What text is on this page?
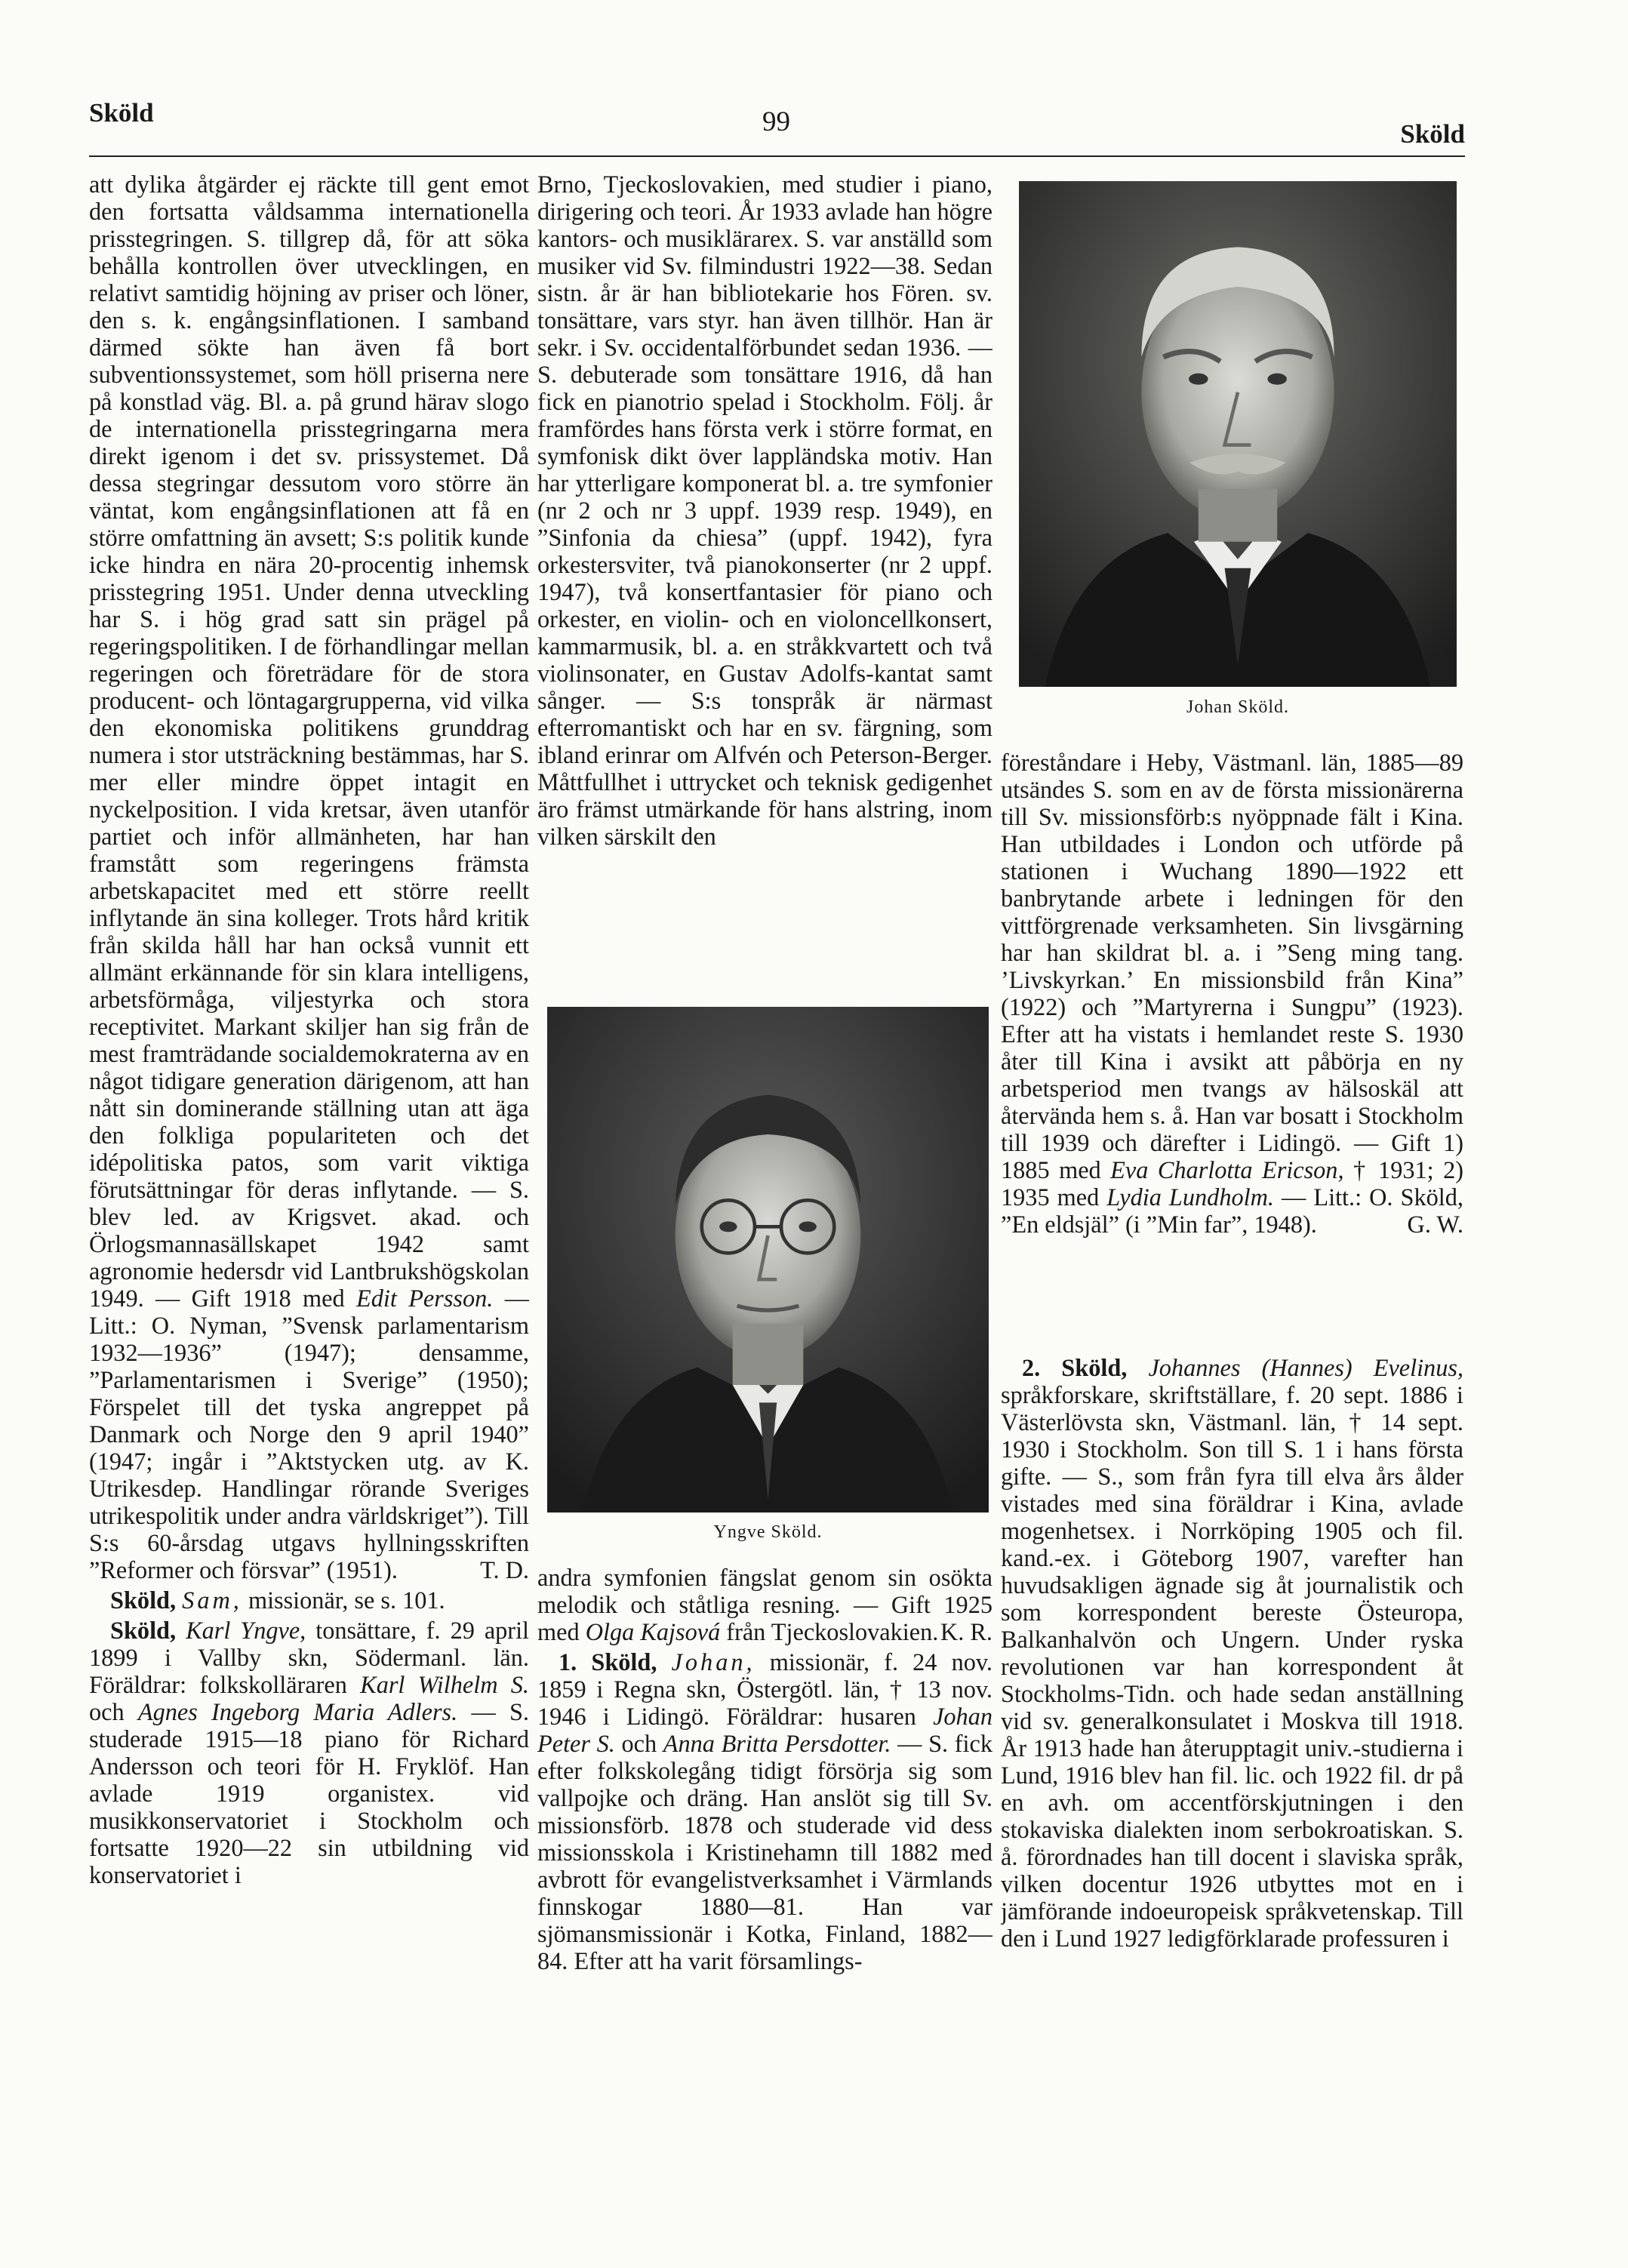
Sköld	99	Sköld

att dylika åtgärder ej räckte till gent emot den fortsatta våldsamma internationella prisstegringen. S. tillgrep då, för att söka behålla kontrollen över utvecklingen, en relativt samtidig höjning av priser och löner, den s. k. engångsinflationen. I samband därmed sökte han även få bort subventionssystemet, som höll priserna nere på konstlad väg. Bl. a. på grund härav slogo de internationella prisstegringarna mera direkt igenom i det sv. prissystemet. Då dessa stegringar dessutom voro större än väntat, kom engångsinflationen att få en större omfattning än avsett; S:s politik kunde icke hindra en nära 20-procentig inhemsk prisstegring 1951. Under denna utveckling har S. i hög grad satt sin prägel på regeringspolitiken. I de förhandlingar mellan regeringen och företrädare för de stora producent- och löntagargrupperna, vid vilka den ekonomiska politikens grunddrag numera i stor utsträckning bestämmas, har S. mer eller mindre öppet intagit en nyckelposition. I vida kretsar, även utanför partiet och inför allmänheten, har han framstått som regeringens främsta arbetskapacitet med ett större reellt inflytande än sina kolleger. Trots hård kritik från skilda håll har han också vunnit ett allmänt erkännande för sin klara intelligens, arbetsförmåga, viljestyrka och stora receptivitet. Markant skiljer han sig från de mest framträdande socialdemokraterna av en något tidigare generation därigenom, att han nått sin dominerande ställning utan att äga den folkliga populariteten och det idépolitiska patos, som varit viktiga förutsättningar för deras inflytande. — S. blev led. av Krigsvet. akad. och Örlogsmannasällskapet 1942 samt agronomie hedersdr vid Lantbrukshögskolan 1949. — Gift 1918 med Edit Persson. — Litt.: O. Nyman, ”Svensk parlamentarism 1932—1936” (1947); densamme, ”Parlamentarismen i Sverige” (1950); Förspelet till det tyska angreppet på Danmark och Norge den 9 april 1940” (1947; ingår i ”Aktstycken utg. av K. Utrikesdep. Handlingar rörande Sveriges utrikespolitik under andra världskriget”). Till S:s 60-årsdag utgavs hyllningsskriften ”Reformer och försvar” (1951).	T. D.

Sköld, Sam, missionär, se s. 101.

Sköld, Karl Yngve, tonsättare, f. 29 april 1899 i Vallby skn, Södermanl. län. Föräldrar: folkskolläraren Karl Wilhelm S. och Agnes Ingeborg Maria Adlers. — S. studerade 1915—18 piano för Richard Andersson och teori för H. Fryklöf. Han avlade 1919 organistex. vid musikkonservatoriet i Stockholm och fortsatte 1920—22 sin utbildning vid konservatoriet i

Brno, Tjeckoslovakien, med studier i piano, dirigering och teori. År 1933 avlade han högre kantors- och musiklärarex. S. var anställd som musiker vid Sv. filmindustri 1922—38. Sedan sistn. år är han bibliotekarie hos Fören. sv. tonsättare, vars styr. han även tillhör. Han är sekr. i Sv. occidentalförbundet sedan 1936. — S. debuterade som tonsättare 1916, då han fick en pianotrio spelad i Stockholm. Följ. år framfördes hans första verk i större format, en symfonisk dikt över lappländska motiv. Han har ytterligare komponerat bl. a. tre symfonier (nr 2 och nr 3 uppf. 1939 resp. 1949), en ”Sinfonia da chiesa” (uppf. 1942), fyra orkestersviter, två pianokonserter (nr 2 uppf. 1947), två konsertfantasier för piano och orkester, en violin- och en violoncellkonsert, kammarmusik, bl. a. en stråkkvartett och två violinsonater, en Gustav Adolfs-kantat samt sånger. — S:s tonspråk är närmast efterromantiskt och har en sv. färgning, som ibland erinrar om Alfvén och Peterson-Berger. Måttfullhet i uttrycket och teknisk gedigenhet äro främst utmärkande för hans alstring, inom vilken särskilt den

Yngve Sköld.

andra symfonien fängslat genom sin osökta melodik och ståtliga resning. — Gift 1925 med Olga Kajsová från Tjeckoslovakien. K. R.

1. Sköld, Johan, missionär, f. 24 nov. 1859 i Regna skn, Östergötl. län, † 13 nov. 1946 i Lidingö. Föräldrar: husaren Johan Peter S. och Anna Britta Persdotter. — S. fick efter folkskolegång tidigt försörja sig som vallpojke och dräng. Han anslöt sig till Sv. missionsförb. 1878 och studerade vid dess missionsskola i Kristinehamn till 1882 med avbrott för evangelistverksamhet i Värmlands finnskogar 1880—81. Han var sjömansmissionär i Kotka, Finland, 1882—84. Efter att ha varit församlings-

Johan Sköld.

föreståndare i Heby, Västmanl. län, 1885—89 utsändes S. som en av de första missionärerna till Sv. missionsförb:s nyöppnade fält i Kina. Han utbildades i London och utförde på stationen i Wuchang 1890—1922 ett banbrytande arbete i ledningen för den vittförgrenade verksamheten. Sin livsgärning har han skildrat bl. a. i ”Seng ming tang. ’Livskyrkan.’ En missionsbild från Kina” (1922) och ”Martyrerna i Sungpu” (1923). Efter att ha vistats i hemlandet reste S. 1930 åter till Kina i avsikt att påbörja en ny arbetsperiod men tvangs av hälsoskäl att återvända hem s. å. Han var bosatt i Stockholm till 1939 och därefter i Lidingö. — Gift 1) 1885 med Eva Charlotta Ericson, † 1931; 2) 1935 med Lydia Lundholm. — Litt.: O. Sköld, ”En eldsjäl” (i ”Min far”, 1948).	G. W.

2. Sköld, Johannes (Hannes) Evelinus, språkforskare, skriftställare, f. 20 sept. 1886 i Västerlövsta skn, Västmanl. län, † 14 sept. 1930 i Stockholm. Son till S. 1 i hans första gifte. — S., som från fyra till elva års ålder vistades med sina föräldrar i Kina, avlade mogenhetsex. i Norrköping 1905 och fil. kand.-ex. i Göteborg 1907, varefter han huvudsakligen ägnade sig åt journalistik och som korrespondent bereste Östeuropa, Balkanhalvön och Ungern. Under ryska revolutionen var han korrespondent åt Stockholms-Tidn. och hade sedan anställning vid sv. generalkonsulatet i Moskva till 1918. År 1913 hade han återupptagit univ.-studierna i Lund, 1916 blev han fil. lic. och 1922 fil. dr på en avh. om accentförskjutningen i den stokaviska dialekten inom serbokroatiskan. S. å. förordnades han till docent i slaviska språk, vilken docentur 1926 utbyttes mot en i jämförande indoeuropeisk språkvetenskap. Till den i Lund 1927 ledigförklarade professuren i
